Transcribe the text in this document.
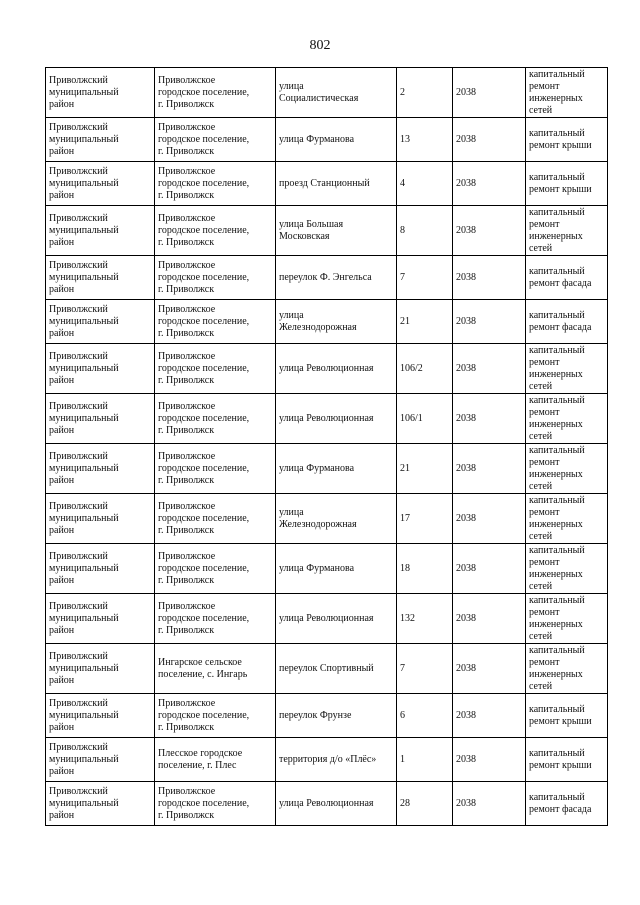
802
Приволжский
муниципальный
район	Приволжское
городское поселение,
г. Приволжск	улица
Социалистическая	2	2038	капитальный
ремонт
инженерных
сетей

Приволжский
муниципальный
район	Приволжское
городское поселение,
г. Приволжск	улица Фурманова	13	2038	капитальный
ремонт крыши

Приволжский
муниципальный
район	Приволжское
городское поселение,
г. Приволжск	проезд Станционный	4	2038	капитальный
ремонт крыши

Приволжский
муниципальный
район	Приволжское
городское поселение,
г. Приволжск	улица Большая
Московская	8	2038	капитальный
ремонт
инженерных
сетей

Приволжский
муниципальный
район	Приволжское
городское поселение,
г. Приволжск	переулок Ф. Энгельса	7	2038	капитальный
ремонт фасада

Приволжский
муниципальный
район	Приволжское
городское поселение,
г. Приволжск	улица
Железнодорожная	21	2038	капитальный
ремонт фасада

Приволжский
муниципальный
район	Приволжское
городское поселение,
г. Приволжск	улица Революционная	106/2	2038	капитальный
ремонт
инженерных
сетей

Приволжский
муниципальный
район	Приволжское
городское поселение,
г. Приволжск	улица Революционная	106/1	2038	капитальный
ремонт
инженерных
сетей

Приволжский
муниципальный
район	Приволжское
городское поселение,
г. Приволжск	улица Фурманова	21	2038	капитальный
ремонт
инженерных
сетей

Приволжский
муниципальный
район	Приволжское
городское поселение,
г. Приволжск	улица
Железнодорожная	17	2038	капитальный
ремонт
инженерных
сетей

Приволжский
муниципальный
район	Приволжское
городское поселение,
г. Приволжск	улица Фурманова	18	2038	капитальный
ремонт
инженерных
сетей

Приволжский
муниципальный
район	Приволжское
городское поселение,
г. Приволжск	улица Революционная	132	2038	капитальный
ремонт
инженерных
сетей

Приволжский
муниципальный
район	Ингарское сельское
поселение, с. Ингарь	переулок Спортивный	7	2038	капитальный
ремонт
инженерных
сетей

Приволжский
муниципальный
район	Приволжское
городское поселение,
г. Приволжск	переулок Фрунзе	6	2038	капитальный
ремонт крыши

Приволжский
муниципальный
район	Плесское городское
поселение, г. Плес	территория д/о «Плёс»	1	2038	капитальный
ремонт крыши

Приволжский
муниципальный
район	Приволжское
городское поселение,
г. Приволжск	улица Революционная	28	2038	капитальный
ремонт фасада
